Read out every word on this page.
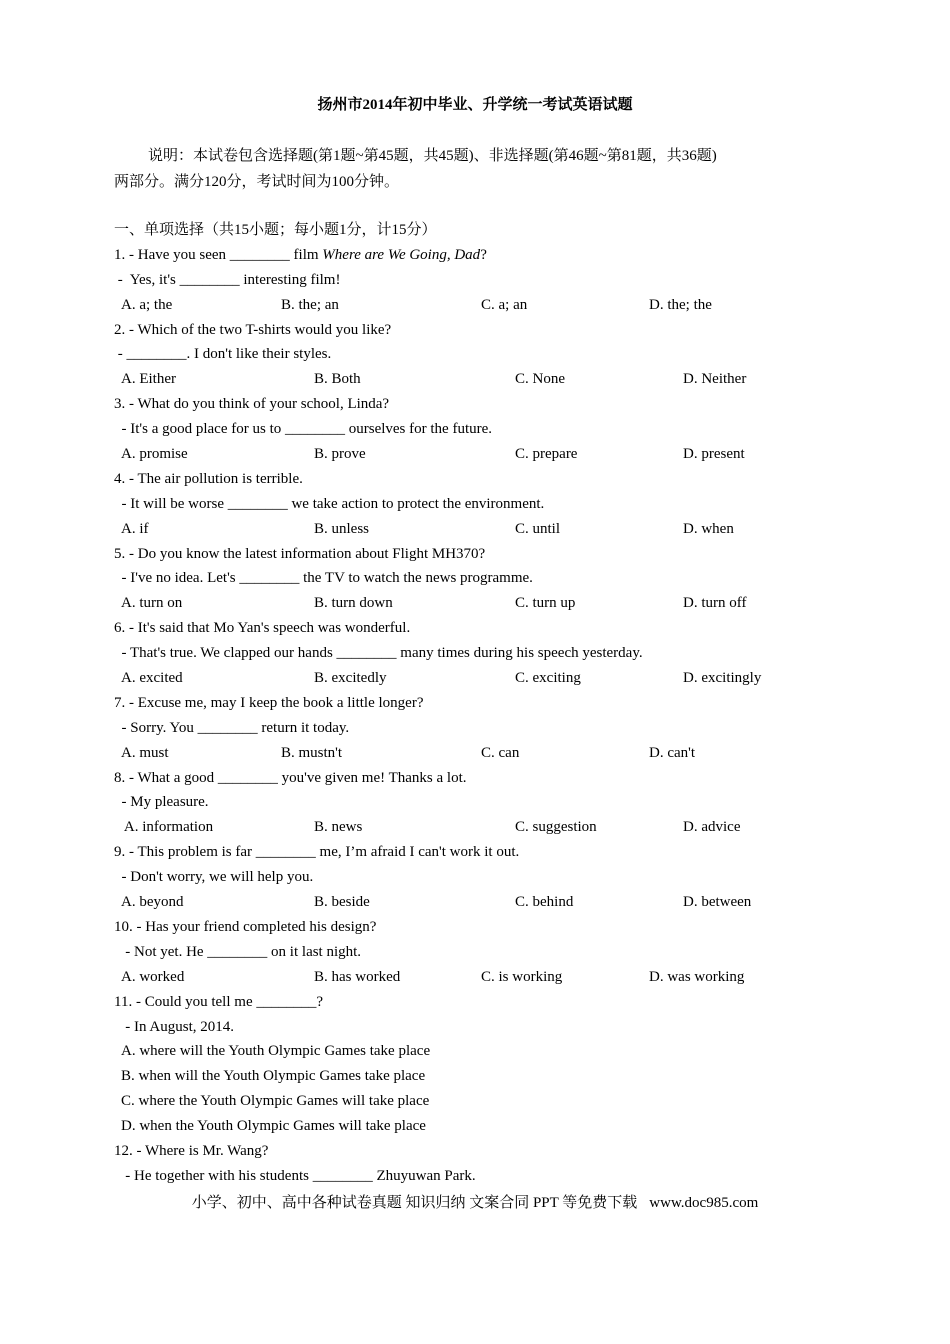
扬州市2014年初中毕业、升学统一考试英语试题
说明：本试卷包含选择题(第1题~第45题，共45题)、非选择题(第46题~第81题，共36题)
两部分。满分120分，考试时间为100分钟。
一、单项选择（共15小题；每小题1分，计15分）
1. - Have you seen ________ film Where are We Going, Dad?
-  Yes, it's ________ interesting film!

A. a; the

	B. the; an

	C. a; an

	D. the; the

2. - Which of the two T-shirts would you like?
- ________. I don't like their styles.

A. Either

	B. Both

	C. None

	D. Neither

3. - What do you think of your school, Linda?
- It's a good place for us to ________ ourselves for the future.

A. promise

	B. prove

	C. prepare

	D. present

4. - The air pollution is terrible.
- It will be worse ________ we take action to protect the environment.

A. if

	B. unless

	C. until

	D. when

5. - Do you know the latest information about Flight MH370?
- I've no idea. Let's ________ the TV to watch the news programme.

A. turn on

	B. turn down

	C. turn up

	D. turn off

6. - It's said that Mo Yan's speech was wonderful.
- That's true. We clapped our hands ________ many times during his speech yesterday.

A. excited

	B. excitedly

	C. exciting

	D. excitingly

7. - Excuse me, may I keep the book a little longer?
- Sorry. You ________ return it today.

A. must

	B. mustn't

	C. can

	D. can't

8. - What a good ________ you've given me! Thanks a lot.
- My pleasure.

A. information

	B. news

	C. suggestion

	D. advice

9. - This problem is far ________ me, I’m afraid I can't work it out.
- Don't worry, we will help you.

A. beyond

	B. beside

	C. behind

	D. between

10. - Has your friend completed his design?
- Not yet. He ________ on it last night.

A. worked

	B. has worked

	C. is working

	D. was working

11. - Could you tell me ________?
- In August, 2014.
A. where will the Youth Olympic Games take place
B. when will the Youth Olympic Games take place
C. where the Youth Olympic Games will take place
D. when the Youth Olympic Games will take place
12. - Where is Mr. Wang?
- He together with his students ________ Zhuyuwan Park.
小学、初中、高中各种试卷真题 知识归纳 文案合同 PPT 等免费下载 www.doc985.com
